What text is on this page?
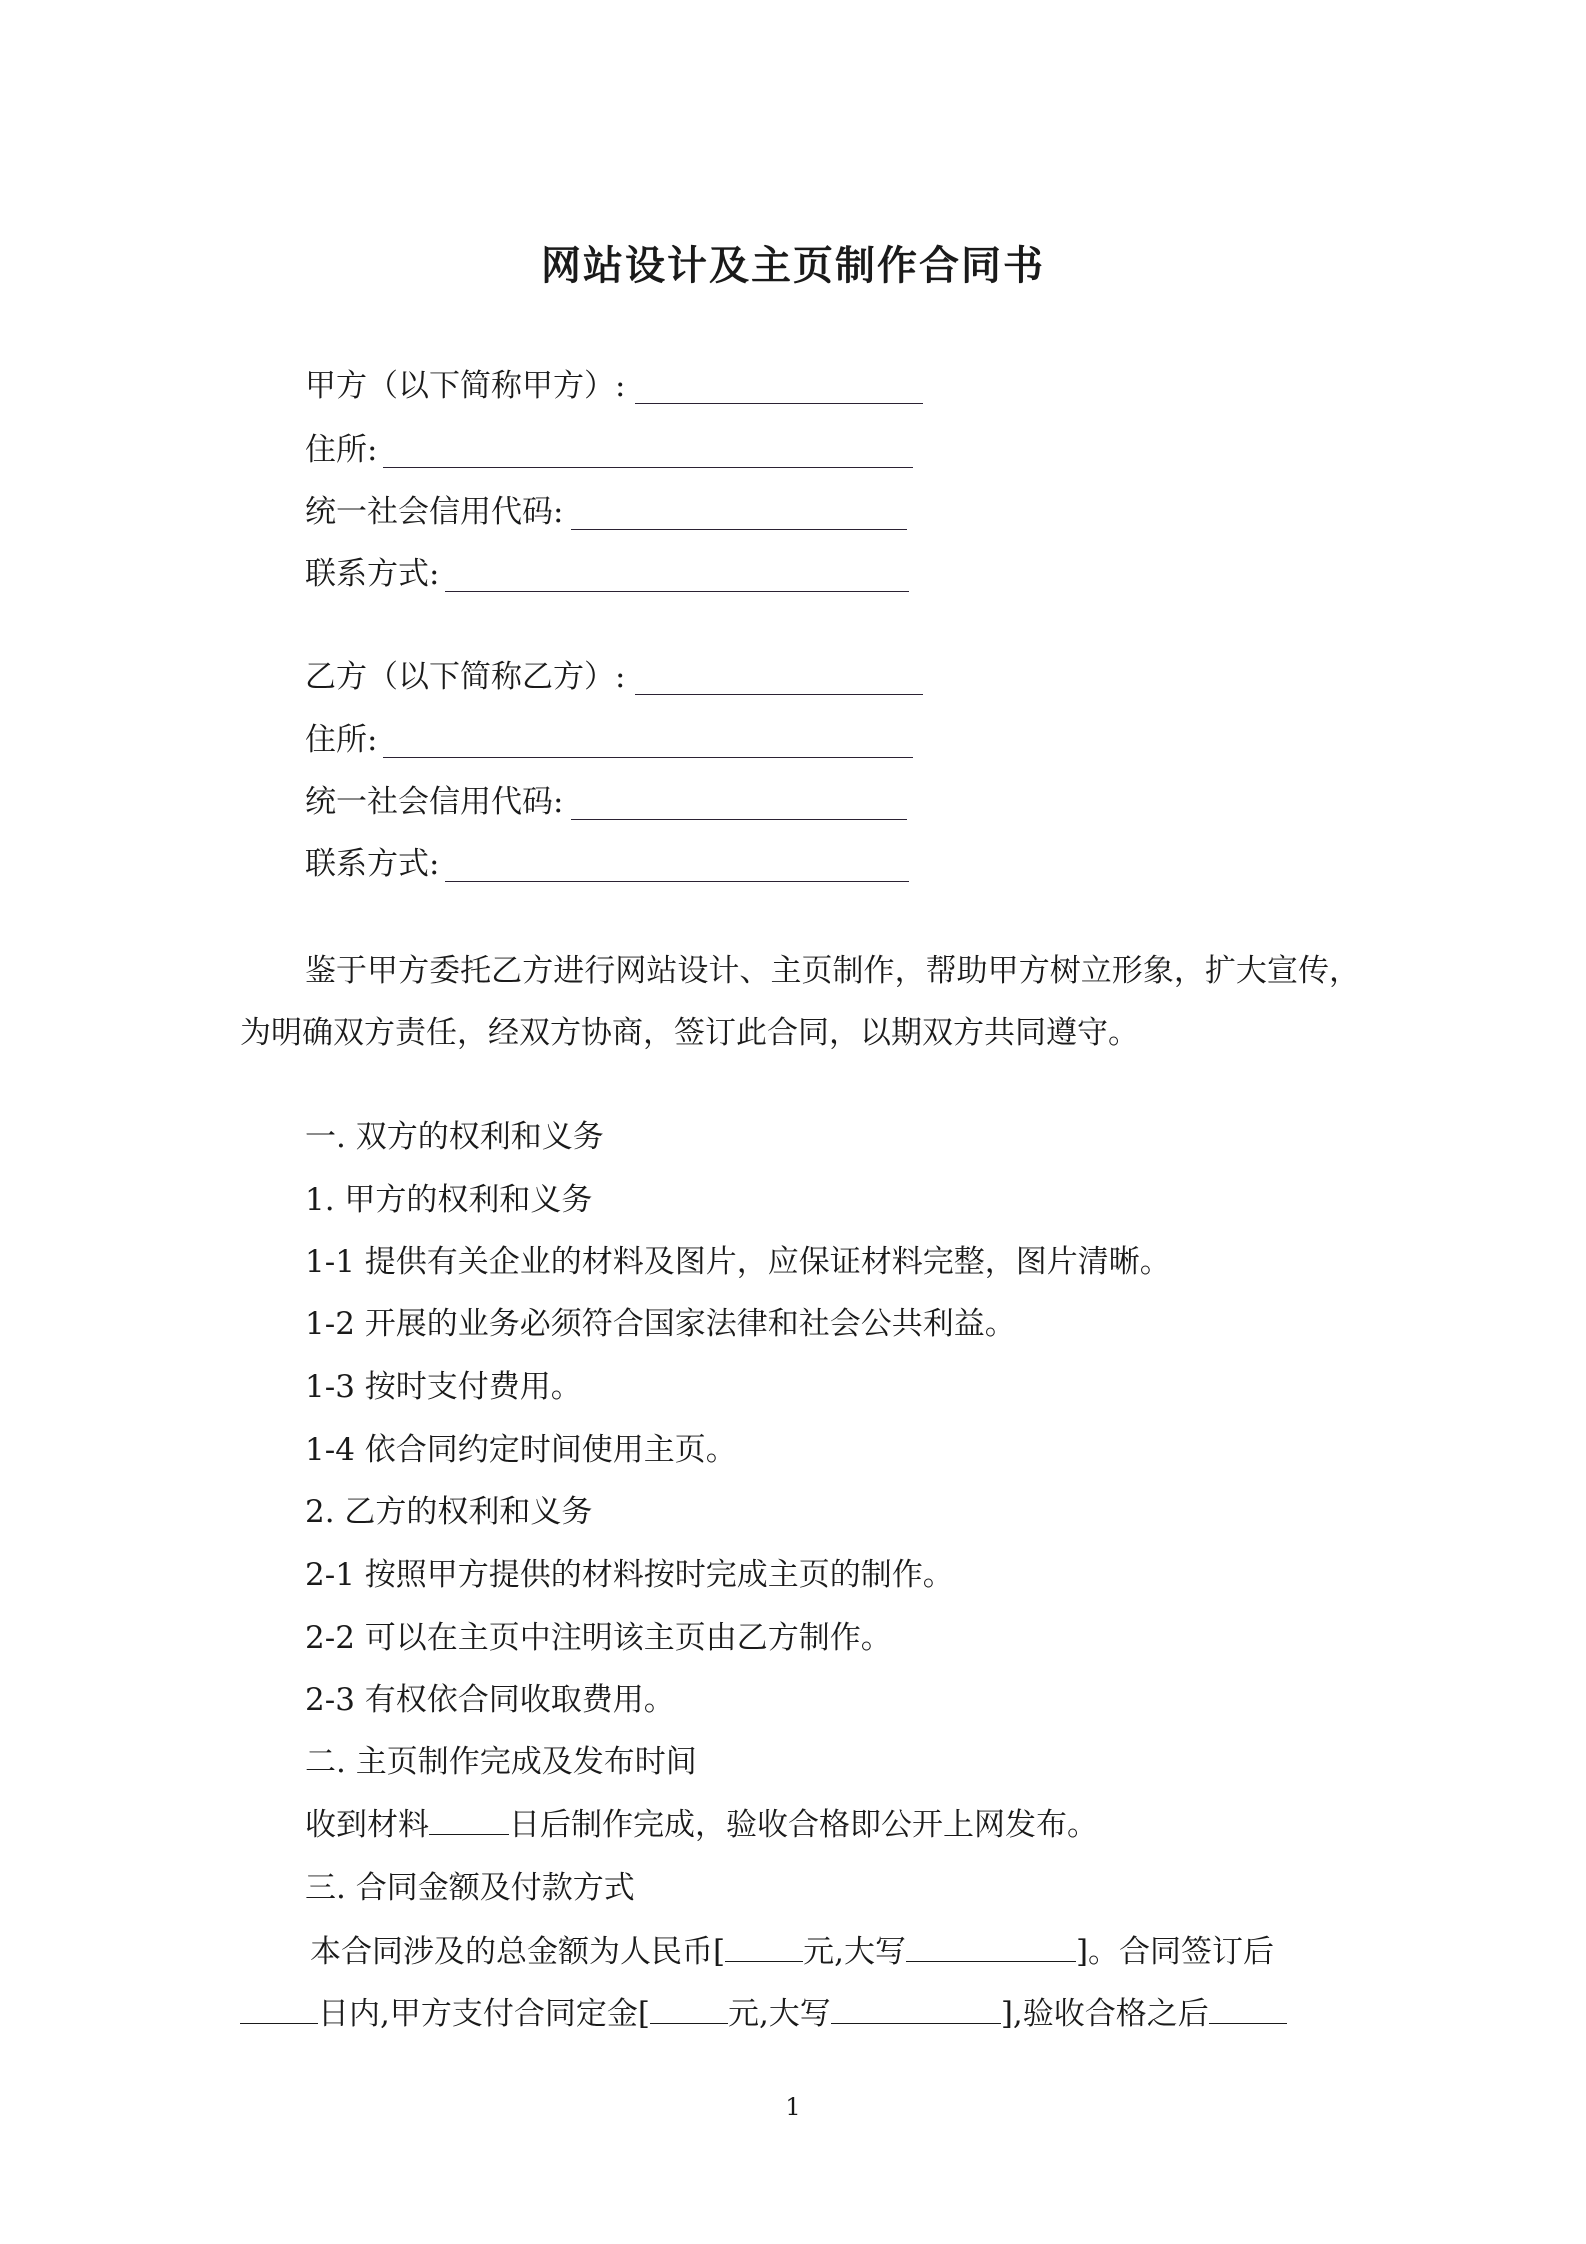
网站设计及主页制作合同书
甲方（以下简称甲方）:
住所:
统一社会信用代码:
联系方式:
乙方（以下简称乙方）:
住所:
统一社会信用代码:
联系方式:
鉴于甲方委托乙方进行网站设计、主页制作，帮助甲方树立形象，扩大宣传，为明确双方责任，经双方协商，签订此合同，以期双方共同遵守。
一. 双方的权利和义务
1. 甲方的权利和义务
1-1 提供有关企业的材料及图片，应保证材料完整，图片清晰。
1-2 开展的业务必须符合国家法律和社会公共利益。
1-3 按时支付费用。
1-4 依合同约定时间使用主页。
2. 乙方的权利和义务
2-1 按照甲方提供的材料按时完成主页的制作。
2-2 可以在主页中注明该主页由乙方制作。
2-3 有权依合同收取费用。
二. 主页制作完成及发布时间
收到材料	日后制作完成，验收合格即公开上网发布。
三. 合同金额及付款方式
本合同涉及的总金额为人民币[	元,大写	]。合同签订后
日内,甲方支付合同定金[	元,大写	],验收合格之后
1
